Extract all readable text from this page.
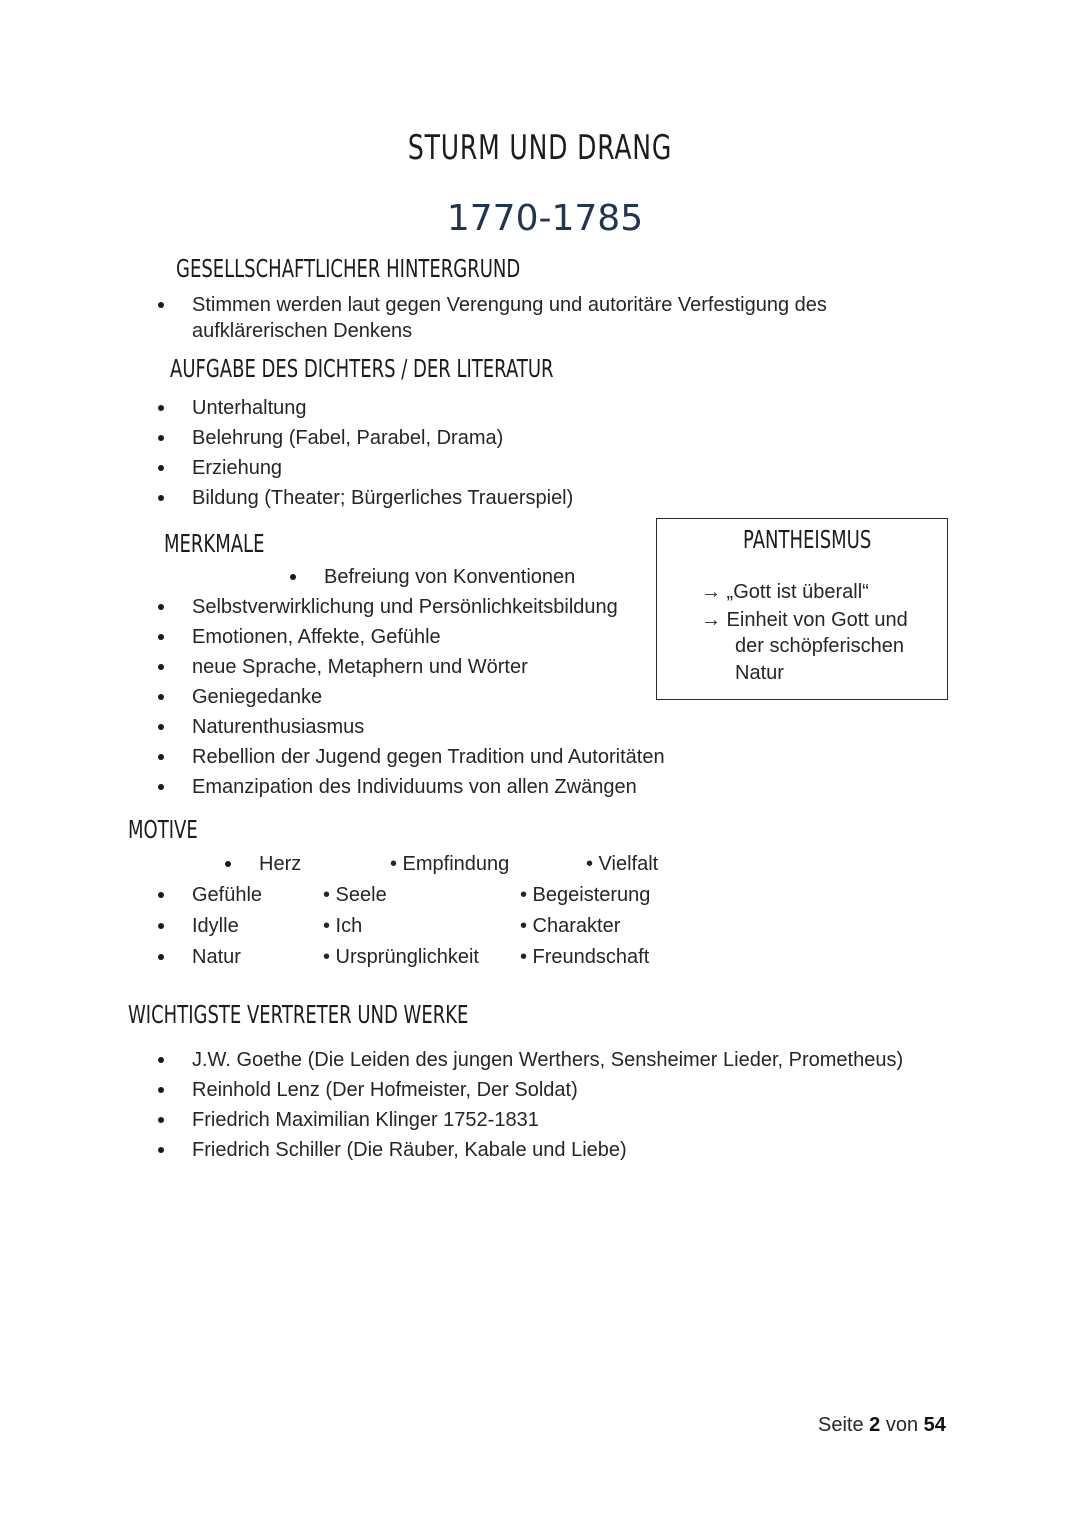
STURM UND DRANG
1770-1785
GESELLSCHAFTLICHER HINTERGRUND
Stimmen werden laut gegen Verengung und autoritäre Verfestigung des
aufklärerischen Denkens
AUFGABE DES DICHTERS / DER LITERATUR
Unterhaltung
Belehrung (Fabel, Parabel, Drama)
Erziehung
Bildung (Theater; Bürgerliches Trauerspiel)
MERKMALE
Befreiung von Konventionen
Selbstverwirklichung und Persönlichkeitsbildung
Emotionen, Affekte, Gefühle
neue Sprache, Metaphern und Wörter
Geniegedanke
Naturenthusiasmus
Rebellion der Jugend gegen Tradition und Autoritäten
Emanzipation des Individuums von allen Zwängen
PANTHEISMUS
→ „Gott ist überall“
→ Einheit von Gott und
der schöpferischen
Natur
MOTIVE
Herz
Gefühle
Idylle
Natur
• Empfindung
• Seele
• Ich
• Ursprünglichkeit
• Vielfalt
• Begeisterung
• Charakter
• Freundschaft
WICHTIGSTE VERTRETER UND WERKE
J.W. Goethe (Die Leiden des jungen Werthers, Sensheimer Lieder, Prometheus)
Reinhold Lenz (Der Hofmeister, Der Soldat)
Friedrich Maximilian Klinger 1752-1831
Friedrich Schiller (Die Räuber, Kabale und Liebe)
Seite 2 von 54
